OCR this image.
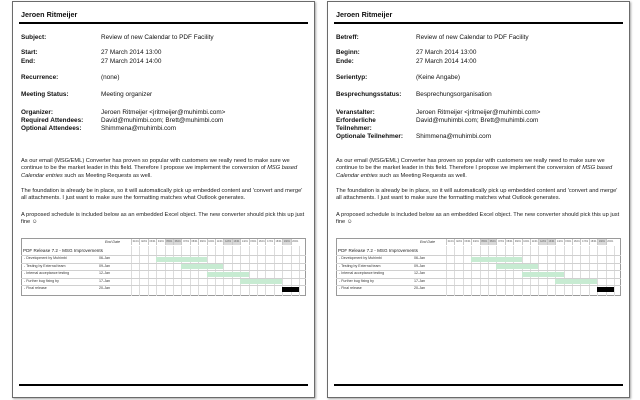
Jeroen Ritmeijer
Subject:	Review of new Calendar to PDF Facility
Start:	27 March 2014 13:00
End:	27 March 2014 14:00
Recurrence:	(none)
Meeting Status:	Meeting organizer
Organizer:	Jeroen Ritmeijer <jritmeijer@muhimbi.com>
Required Attendees:	David@muhimbi.com; Brett@muhimbi.com
Optional Attendees:	Shimmena@muhimbi.com
As our email (MSG/EML) Converter has proven so popular with customers we really need to make sure we continue to be the market leader in this field. Therefore I propose we implement the conversion of MSG based Calendar entries such as Meeting Requests as well.
The foundation is already be in place, so it will automatically pick up embedded content and 'convert and merge' all attachments. I just want to make sure the formatting matches what Outlook generates.
A proposed schedule is included below as an embedded Excel object. The new converter should pick this up just fine ☺
End Date	01/01	02/01	03/01	04/01	05/01	06/01	07/01	08/01	09/01	10/01	11/01	12/01	13/01	14/01	15/01	16/01	17/01	18/01	19/01	20/01
PDF Release 7.2 - MSG Improvements
- Development by Muhimbi	06-Jan
- Testing by External team	09-Jan
- Internal acceptance testing	12-Jan
- Further bug fixing by	17-Jan
- Final release	20-Jan
Jeroen Ritmeijer
Betreff:	Review of new Calendar to PDF Facility
Beginn:	27 March 2014 13:00
Ende:	27 March 2014 14:00
Serientyp:	(Keine Angabe)
Besprechungsstatus: Besprechungsorganisation
Veranstalter:	Jeroen Ritmeijer <jritmeijer@muhimbi.com>
Erforderliche Teilnehmer:
David@muhimbi.com; Brett@muhimbi.com
Optionale Teilnehmer: Shimmena@muhimbi.com
As our email (MSG/EML) Converter has proven so popular with customers we really need to make sure we continue to be the market leader in this field. Therefore I propose we implement the conversion of MSG based Calendar entries such as Meeting Requests as well.
The foundation is already be in place, so it will automatically pick up embedded content and 'convert and merge' all attachments. I just want to make sure the formatting matches what Outlook generates.
A proposed schedule is included below as an embedded Excel object. The new converter should pick this up just fine ☺
End Date	01/01	02/01	03/01	04/01	05/01	06/01	07/01	08/01	09/01	10/01	11/01	12/01	13/01	14/01	15/01	16/01	17/01	18/01	19/01	20/01
PDF Release 7.2 - MSG Improvements
- Development by Muhimbi	06-Jan
- Testing by External team	09-Jan
- Internal acceptance testing	12-Jan
- Further bug fixing by	17-Jan
- Final release	20-Jan
